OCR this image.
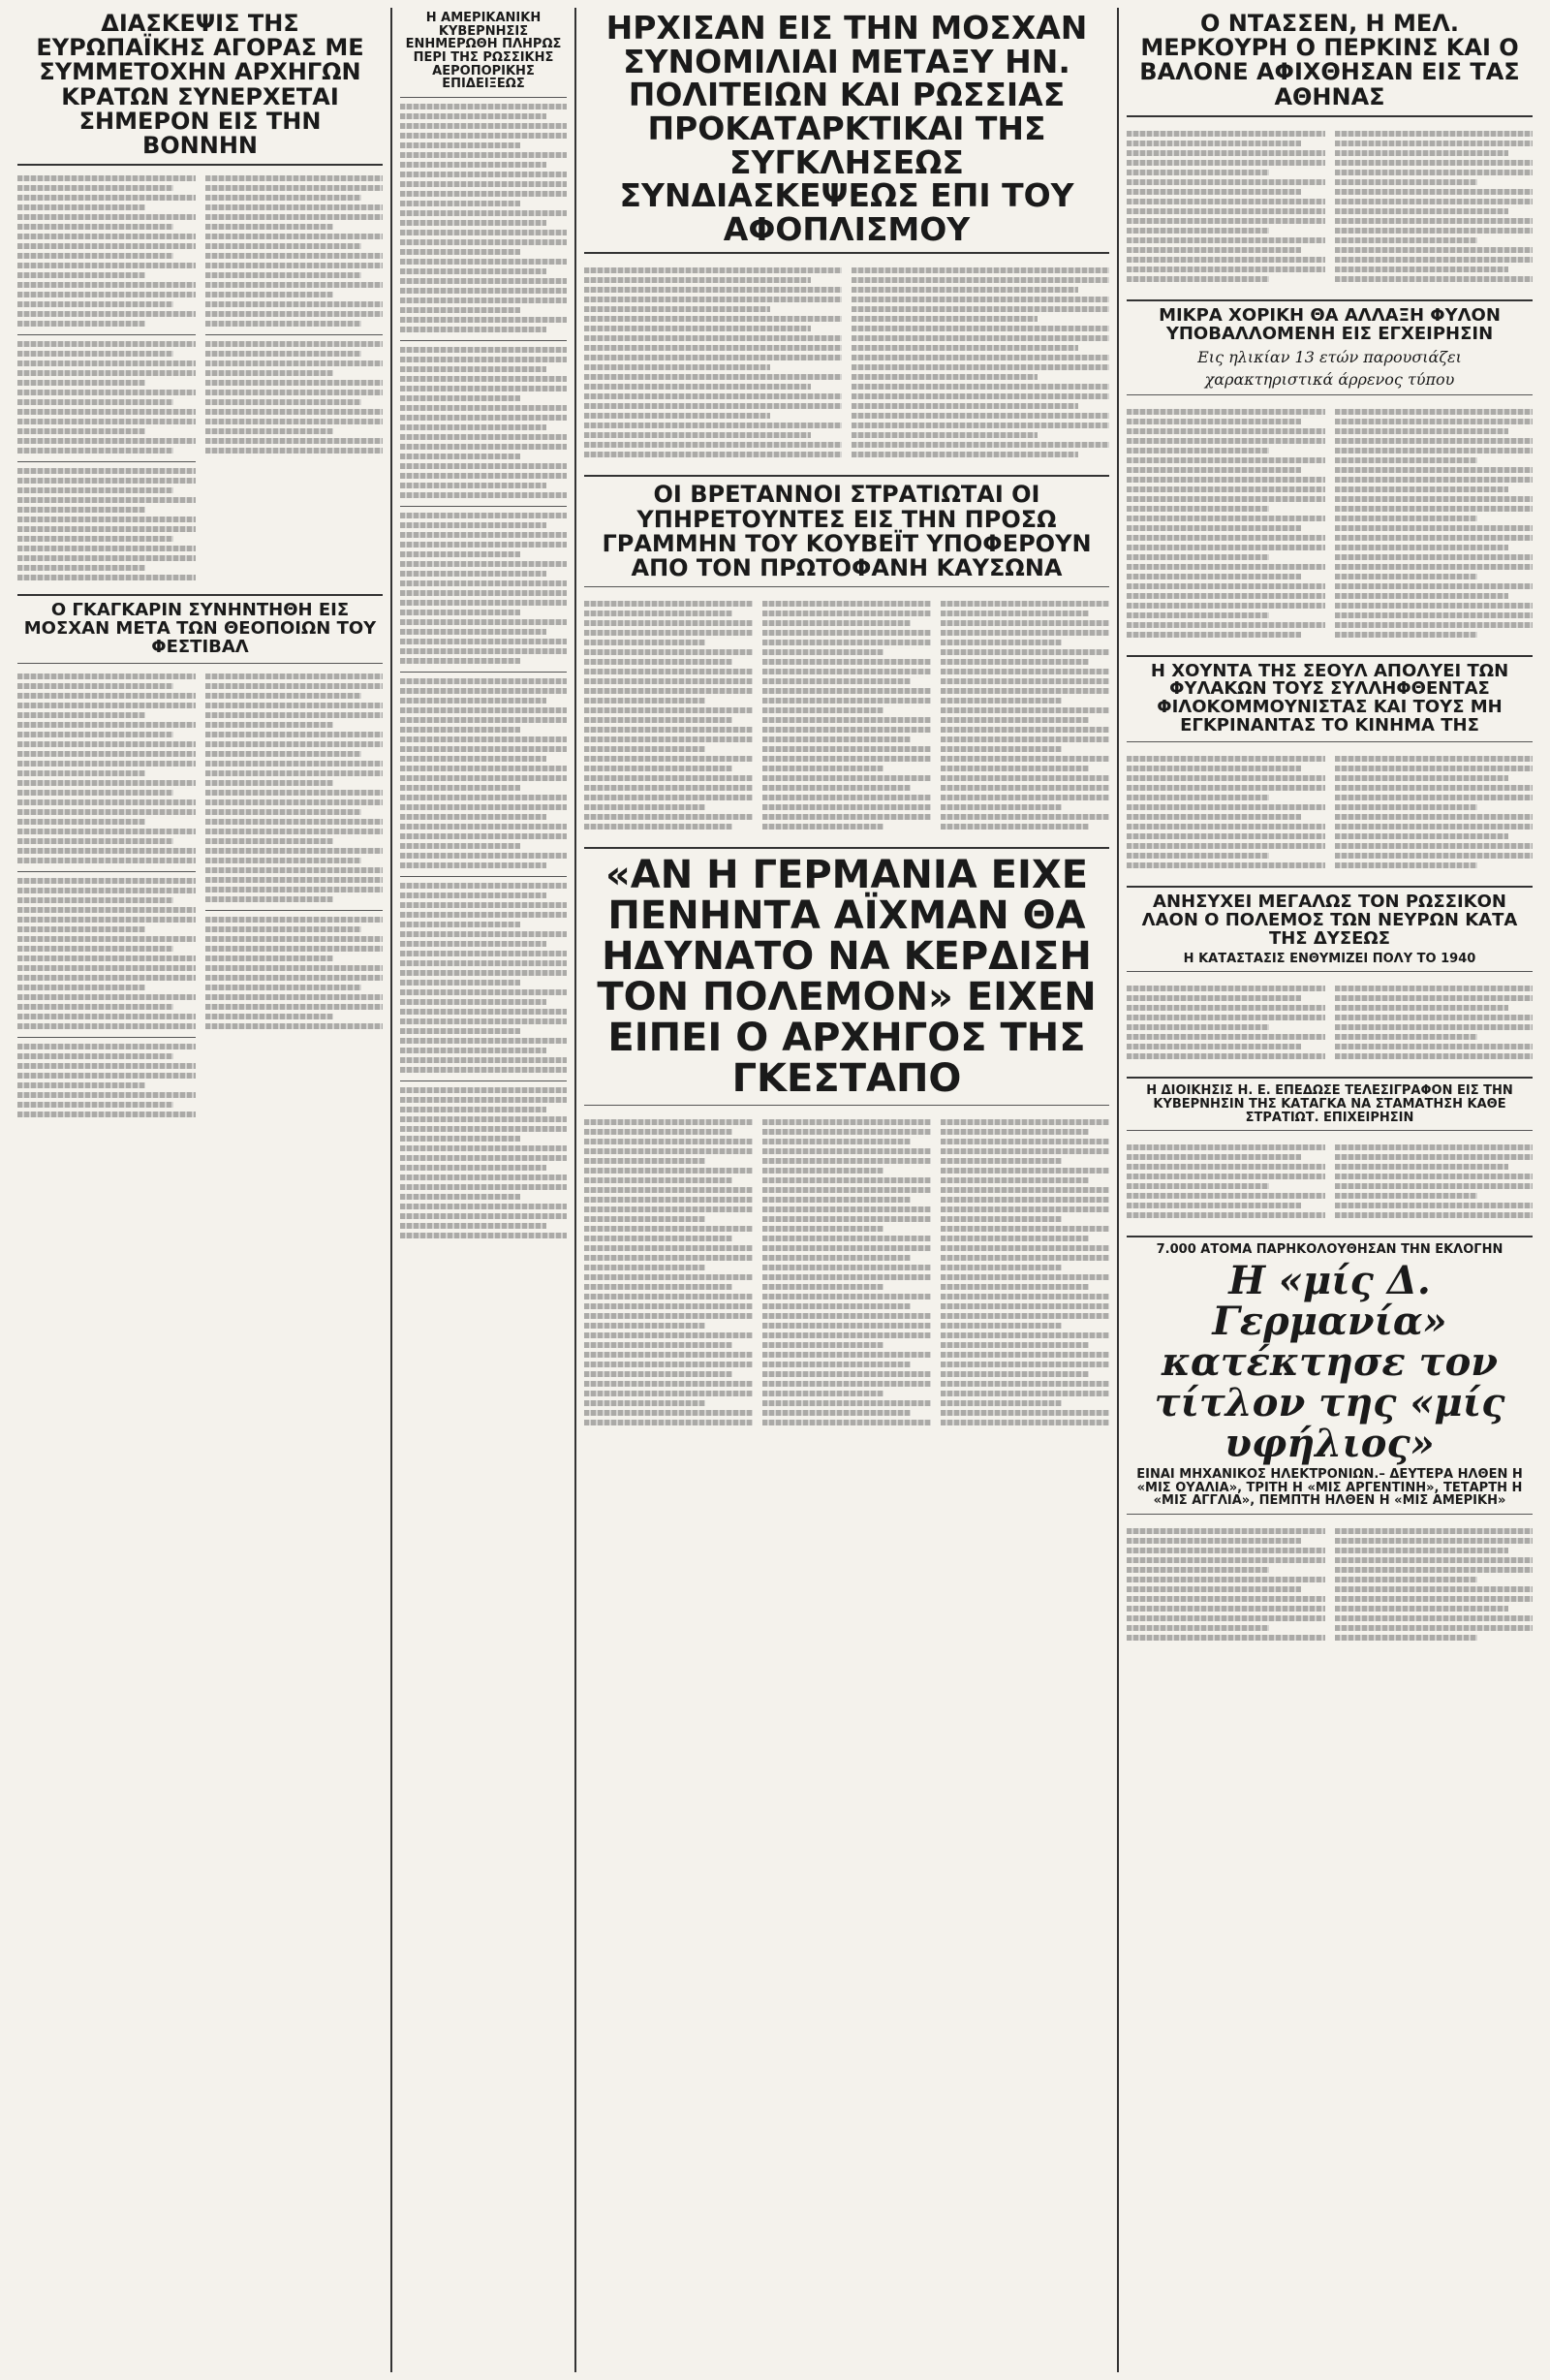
ΔΙΑΣΚΕΨΙΣ ΤΗΣ ΕΥΡΩΠΑΪΚΗΣ ΑΓΟΡΑΣ ΜΕ ΣΥΜΜΕΤΟΧΗΝ ΑΡΧΗΓΩΝ ΚΡΑΤΩΝ ΣΥΝΕΡΧΕΤΑΙ ΣΗΜΕΡΟΝ ΕΙΣ ΤΗΝ ΒΟΝΝΗΝ
Ο ΓΚΑΓΚΑΡΙΝ ΣΥΝΗΝΤΗΘΗ ΕΙΣ ΜΟΣΧΑΝ ΜΕΤΑ ΤΩΝ ΘΕΟΠΟΙΩΝ ΤΟΥ ΦΕΣΤΙΒΑΛ
Η ΑΜΕΡΙΚΑΝΙΚΗ ΚΥΒΕΡΝΗΣΙΣ ΕΝΗΜΕΡΩΘΗ ΠΛΗΡΩΣ ΠΕΡΙ ΤΗΣ ΡΩΣΣΙΚΗΣ ΑΕΡΟΠΟΡΙΚΗΣ ΕΠΙΔΕΙΞΕΩΣ
ΗΡΧΙΣΑΝ ΕΙΣ ΤΗΝ ΜΟΣΧΑΝ ΣΥΝΟΜΙΛΙΑΙ ΜΕΤΑΞΥ ΗΝ. ΠΟΛΙΤΕΙΩΝ ΚΑΙ ΡΩΣΣΙΑΣ ΠΡΟΚΑΤΑΡΚΤΙΚΑΙ ΤΗΣ ΣΥΓΚΛΗΣΕΩΣ ΣΥΝΔΙΑΣΚΕΨΕΩΣ ΕΠΙ ΤΟΥ ΑΦΟΠΛΙΣΜΟΥ
ΟΙ ΒΡΕΤΑΝΝΟΙ ΣΤΡΑΤΙΩΤΑΙ ΟΙ ΥΠΗΡΕΤΟΥΝΤΕΣ ΕΙΣ ΤΗΝ ΠΡΟΣΩ ΓΡΑΜΜΗΝ ΤΟΥ ΚΟΥΒΕΪΤ ΥΠΟΦΕΡΟΥΝ ΑΠΟ ΤΟΝ ΠΡΩΤΟΦΑΝΗ ΚΑΥΣΩΝΑ
«ΑΝ Η ΓΕΡΜΑΝΙΑ ΕΙΧΕ ΠΕΝΗΝΤΑ ΑΪΧΜΑΝ ΘΑ ΗΔΥΝΑΤΟ ΝΑ ΚΕΡΔΙΣΗ ΤΟΝ ΠΟΛΕΜΟΝ» ΕΙΧΕΝ ΕΙΠΕΙ Ο ΑΡΧΗΓΟΣ ΤΗΣ ΓΚΕΣΤΑΠΟ
Ο ΝΤΑΣΣΕΝ, Η ΜΕΛ. ΜΕΡΚΟΥΡΗ Ο ΠΕΡΚΙΝΣ ΚΑΙ Ο ΒΑΛΟΝΕ ΑΦΙΧΘΗΣΑΝ ΕΙΣ ΤΑΣ ΑΘΗΝΑΣ
ΜΙΚΡΑ ΧΟΡΙΚΗ ΘΑ ΑΛΛΑΞΗ ΦΥΛΟΝ ΥΠΟΒΑΛΛΟΜΕΝΗ ΕΙΣ ΕΓΧΕΙΡΗΣΙΝ
Εις ηλικίαν 13 ετών παρουσιάζει
χαρακτηριστικά άρρενος τύπου
Η ΧΟΥΝΤΑ ΤΗΣ ΣΕΟΥΛ ΑΠΟΛΥΕΙ ΤΩΝ ΦΥΛΑΚΩΝ ΤΟΥΣ ΣΥΛΛΗΦΘΕΝΤΑΣ ΦΙΛΟΚΟΜΜΟΥΝΙΣΤΑΣ ΚΑΙ ΤΟΥΣ ΜΗ ΕΓΚΡΙΝΑΝΤΑΣ ΤΟ ΚΙΝΗΜΑ ΤΗΣ
ΑΝΗΣΥΧΕΙ ΜΕΓΑΛΩΣ ΤΟΝ ΡΩΣΣΙΚΟΝ ΛΑΟΝ Ο ΠΟΛΕΜΟΣ ΤΩΝ ΝΕΥΡΩΝ ΚΑΤΑ ΤΗΣ ΔΥΣΕΩΣ
Η ΚΑΤΑΣΤΑΣΙΣ ΕΝΘΥΜΙΖΕΙ ΠΟΛΥ ΤΟ 1940
Η ΔΙΟΙΚΗΣΙΣ Η. Ε. ΕΠΕΔΩΣΕ ΤΕΛΕΣΙΓΡΑΦΟΝ ΕΙΣ ΤΗΝ ΚΥΒΕΡΝΗΣΙΝ ΤΗΣ ΚΑΤΑΓΚΑ ΝΑ ΣΤΑΜΑΤΗΣΗ ΚΑΘΕ ΣΤΡΑΤΙΩΤ. ΕΠΙΧΕΙΡΗΣΙΝ
7.000 ΑΤΟΜΑ ΠΑΡΗΚΟΛΟΥΘΗΣΑΝ ΤΗΝ ΕΚΛΟΓΗΝ
Η «μίς Δ. Γερμανία» κατέκτησε τον τίτλον της «μίς υφήλιος»
ΕΙΝΑΙ ΜΗΧΑΝΙΚΟΣ ΗΛΕΚΤΡΟΝΙΩΝ.– ΔΕΥΤΕΡΑ ΗΛΘΕΝ Η «ΜΙΣ ΟΥΑΛΙΑ», ΤΡΙΤΗ Η «ΜΙΣ ΑΡΓΕΝΤΙΝΗ», ΤΕΤΑΡΤΗ Η «ΜΙΣ ΑΓΓΛΙΑ», ΠΕΜΠΤΗ ΗΛΘΕΝ Η «ΜΙΣ ΑΜΕΡΙΚΗ»
